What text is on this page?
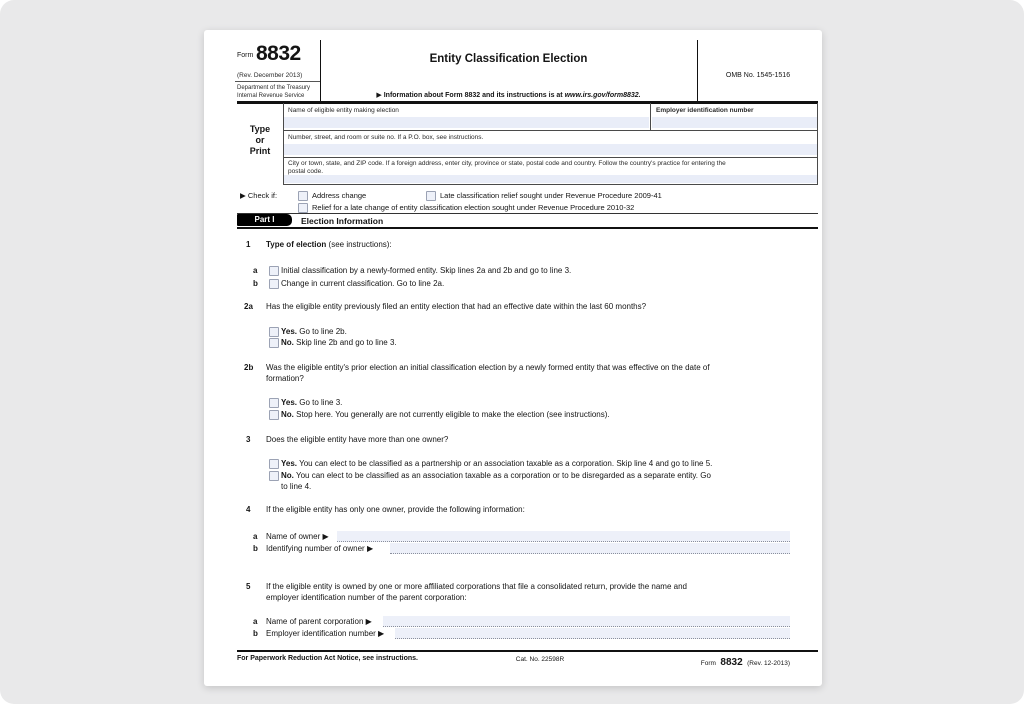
Form 8832
(Rev. December 2013)
Department of the Treasury
Internal Revenue Service
Entity Classification Election
▶ Information about Form 8832 and its instructions is at www.irs.gov/form8832.
OMB No. 1545-1516
Type
or
Print
Name of eligible entity making election	Employer identification number
Number, street, and room or suite no. If a P.O. box, see instructions.
City or town, state, and ZIP code. If a foreign address, enter city, province or state, postal code and country. Follow the country's practice for entering the
postal code.
▶ Check if:	Address change	Late classification relief sought under Revenue Procedure 2009-41
Relief for a late change of entity classification election sought under Revenue Procedure 2010-32
Part I	Election Information
1 Type of election (see instructions):
a	Initial classification by a newly-formed entity. Skip lines 2a and 2b and go to line 3.
b	Change in current classification. Go to line 2a.
2a Has the eligible entity previously filed an entity election that had an effective date within the last 60 months?
Yes. Go to line 2b.
No. Skip line 2b and go to line 3.
2b Was the eligible entity's prior election an initial classification election by a newly formed entity that was effective on the date of
formation?
Yes. Go to line 3.
No. Stop here. You generally are not currently eligible to make the election (see instructions).
3 Does the eligible entity have more than one owner?
Yes. You can elect to be classified as a partnership or an association taxable as a corporation. Skip line 4 and go to line 5.
No. You can elect to be classified as an association taxable as a corporation or to be disregarded as a separate entity. Go
to line 4.
4 If the eligible entity has only one owner, provide the following information:
a Name of owner ▶
b Identifying number of owner ▶
5 If the eligible entity is owned by one or more affiliated corporations that file a consolidated return, provide the name and
employer identification number of the parent corporation:
a Name of parent corporation ▶
b Employer identification number ▶
For Paperwork Reduction Act Notice, see instructions.	Cat. No. 22598R
Form 8832 (Rev. 12-2013)
